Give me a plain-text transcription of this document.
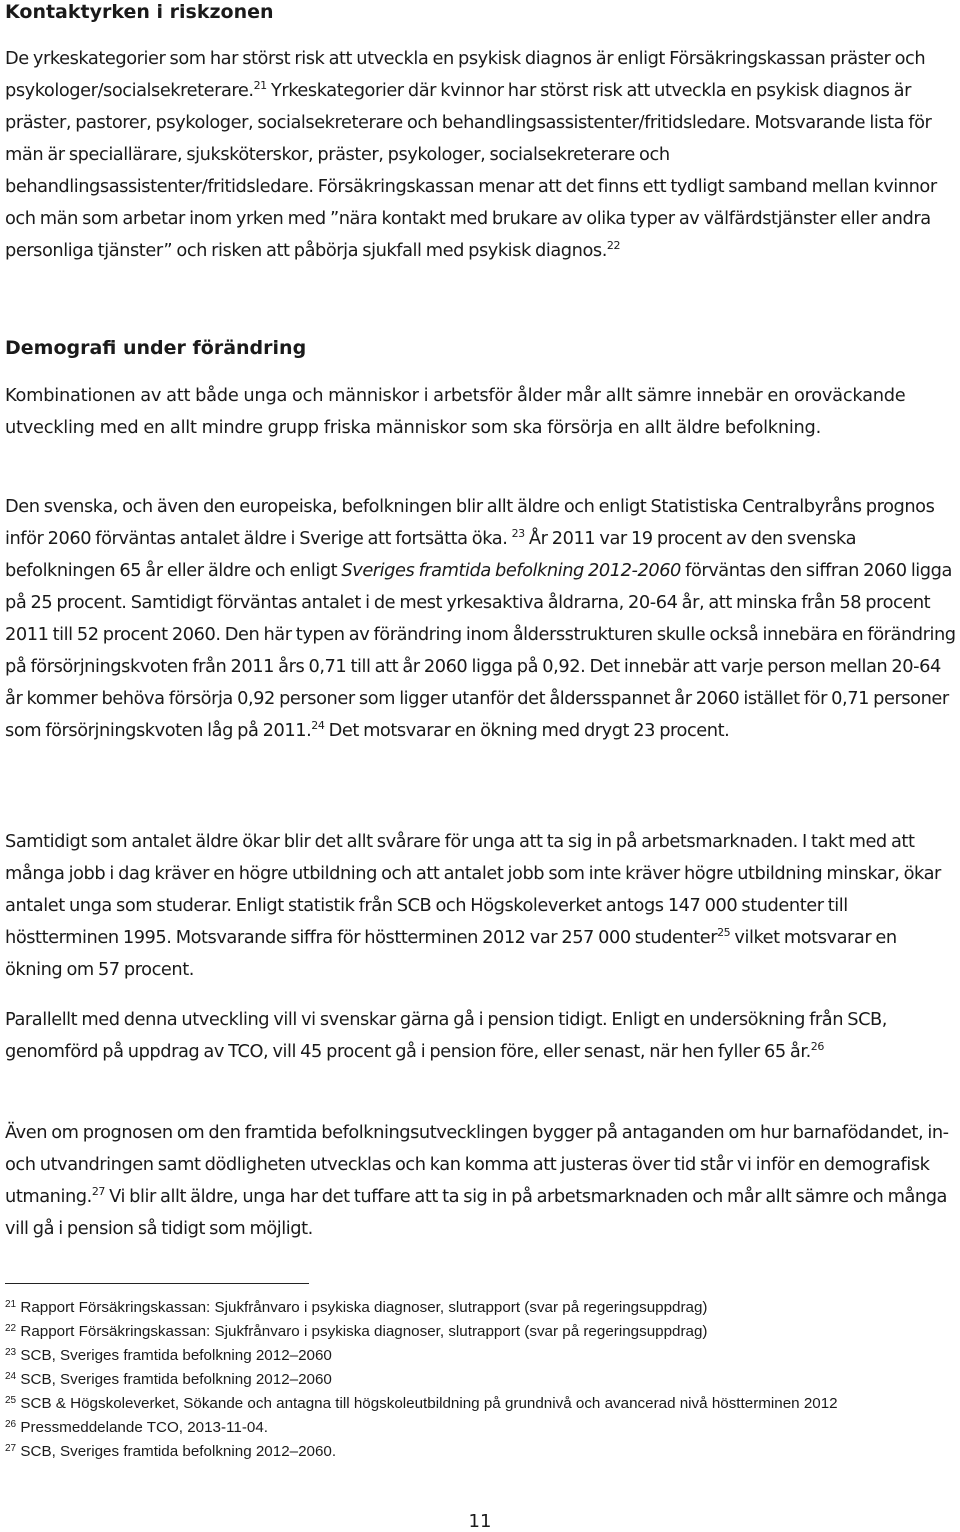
Kontaktyrken i riskzonen

De yrkeskategorier som har störst risk att utveckla en psykisk diagnos är enligt Försäkringskassan präster och psykologer/socialsekreterare.$^{21}$ Yrkeskategorier där kvinnor har störst risk att utveckla en psykisk diagnos är präster, pastorer, psykologer, socialsekreterare och behandlingsassistenter/fritidsledare. Motsvarande lista för män är speciallärare, sjuksköterskor, präster, psykologer, socialsekreterare och behandlingsassistenter/fritidsledare. Försäkringskassan menar att det finns ett tydligt samband mellan kvinnor och män som arbetar inom yrken med ”nära kontakt med brukare av olika typer av välfärdstjänster eller andra personliga tjänster” och risken att påbörja sjukfall med psykisk diagnos.$^{22}$

Demografi under förändring

Kombinationen av att både unga och människor i arbetsför ålder mår allt sämre innebär en oroväckande utveckling med en allt mindre grupp friska människor som ska försörja en allt äldre befolkning.

Den svenska, och även den europeiska, befolkningen blir allt äldre och enligt Statistiska Centralbyråns prognos inför 2060 förväntas antalet äldre i Sverige att fortsätta öka. $^{23}$ År 2011 var 19 procent av den svenska befolkningen 65 år eller äldre och enligt Sveriges framtida befolkning 2012-2060 förväntas den siffran 2060 ligga på 25 procent. Samtidigt förväntas antalet i de mest yrkesaktiva åldrarna, 20-64 år, att minska från 58 procent 2011 till 52 procent 2060. Den här typen av förändring inom åldersstrukturen skulle också innebära en förändring på försörjningskvoten från 2011 års 0,71 till att år 2060 ligga på 0,92. Det innebär att varje person mellan 20-64 år kommer behöva försörja 0,92 personer som ligger utanför det åldersspannet år 2060 istället för 0,71 personer som försörjningskvoten låg på 2011.24 Det motsvarar en ökning med drygt 23 procent.

Samtidigt som antalet äldre ökar blir det allt svårare för unga att ta sig in på arbetsmarknaden. I takt med att många jobb i dag kräver en högre utbildning och att antalet jobb som inte kräver högre utbildning minskar, ökar antalet unga som studerar. Enligt statistik från SCB och Högskoleverket antogs 147 000 studenter till höstterminen 1995. Motsvarande siffra för höstterminen 2012 var 257 000 studenter$^{25}$ vilket motsvarar en ökning om 57 procent.

Parallellt med denna utveckling vill vi svenskar gärna gå i pension tidigt. Enligt en undersökning från SCB, genomförd på uppdrag av TCO, vill 45 procent gå i pension före, eller senast, när hen fyller 65 år.$^{26}$

Även om prognosen om den framtida befolkningsutvecklingen bygger på antaganden om hur barnafödandet, in- och utvandringen samt dödligheten utvecklas och kan komma att justeras över tid står vi inför en demografisk utmaning.$^{27}$ Vi blir allt äldre, unga har det tuffare att ta sig in på arbetsmarknaden och mår allt sämre och många vill gå i pension så tidigt som möjligt.

$^{21}$ Rapport Försäkringskassan: Sjukfrånvaro i psykiska diagnoser, slutrapport (svar på regeringsuppdrag)

$^{22}$ Rapport Försäkringskassan: Sjukfrånvaro i psykiska diagnoser, slutrapport (svar på regeringsuppdrag)

$^{23}$ SCB, Sveriges framtida befolkning 2012–2060

$^{24}$ SCB, Sveriges framtida befolkning 2012–2060

$^{25}$ SCB & Högskoleverket, Sökande och antagna till högskoleutbildning på grundnivå och avancerad nivå höstterminen 2012

$^{26}$ Pressmeddelande TCO, 2013-11-04.

$^{27}$ SCB, Sveriges framtida befolkning 2012–2060.

11
